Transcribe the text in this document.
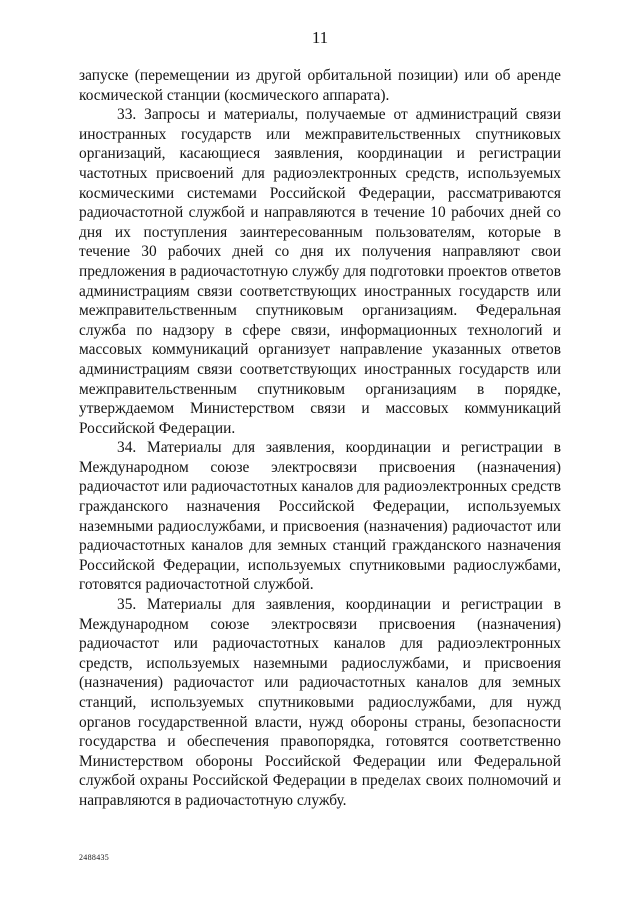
11

запуске (перемещении из другой орбитальной позиции) или об аренде космической станции (космического аппарата).

33. Запросы и материалы, получаемые от администраций связи иностранных государств или межправительственных спутниковых организаций, касающиеся заявления, координации и регистрации частотных присвоений для радиоэлектронных средств, используемых космическими системами Российской Федерации, рассматриваются радиочастотной службой и направляются в течение 10 рабочих дней со дня их поступления заинтересованным пользователям, которые в течение 30 рабочих дней со дня их получения направляют свои предложения в радиочастотную службу для подготовки проектов ответов администрациям связи соответствующих иностранных государств или межправительственным спутниковым организациям. Федеральная служба по надзору в сфере связи, информационных технологий и массовых коммуникаций организует направление указанных ответов администрациям связи соответствующих иностранных государств или межправительственным спутниковым организациям в порядке, утверждаемом Министерством связи и массовых коммуникаций Российской Федерации.

34. Материалы для заявления, координации и регистрации в Международном союзе электросвязи присвоения (назначения) радиочастот или радиочастотных каналов для радиоэлектронных средств гражданского назначения Российской Федерации, используемых наземными радиослужбами, и присвоения (назначения) радиочастот или радиочастотных каналов для земных станций гражданского назначения Российской Федерации, используемых спутниковыми радиослужбами, готовятся радиочастотной службой.

35. Материалы для заявления, координации и регистрации в Международном союзе электросвязи присвоения (назначения) радиочастот или радиочастотных каналов для радиоэлектронных средств, используемых наземными радиослужбами, и присвоения (назначения) радиочастот или радиочастотных каналов для земных станций, используемых спутниковыми радиослужбами, для нужд органов государственной власти, нужд обороны страны, безопасности государства и обеспечения правопорядка, готовятся соответственно Министерством обороны Российской Федерации или Федеральной службой охраны Российской Федерации в пределах своих полномочий и направляются в радиочастотную службу.

2488435
